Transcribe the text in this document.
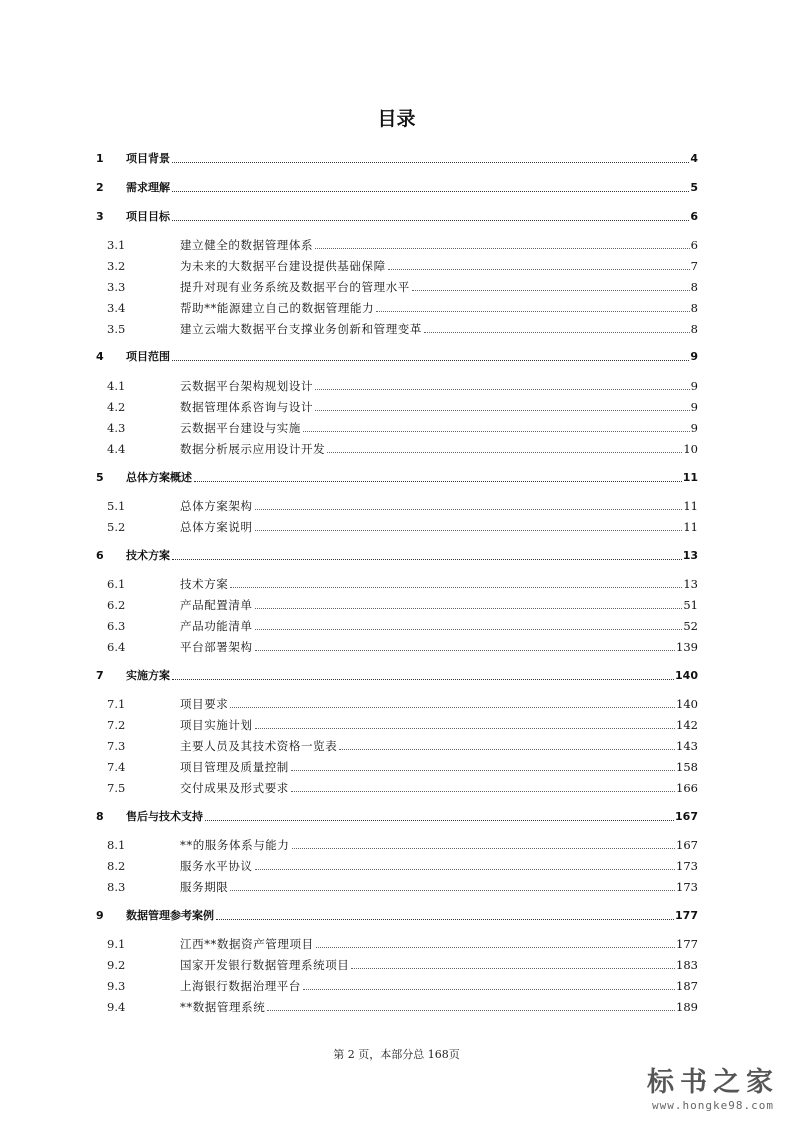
目录
1	项目背景	4
2	需求理解	5
3	项目目标	6
3.1	建立健全的数据管理体系	6
3.2	为未来的大数据平台建设提供基础保障	7
3.3	提升对现有业务系统及数据平台的管理水平	8
3.4	帮助**能源建立自己的数据管理能力	8
3.5	建立云端大数据平台支撑业务创新和管理变革	8
4	项目范围	9
4.1	云数据平台架构规划设计	9
4.2	数据管理体系咨询与设计	9
4.3	云数据平台建设与实施	9
4.4	数据分析展示应用设计开发	10
5	总体方案概述	11
5.1	总体方案架构	11
5.2	总体方案说明	11
6	技术方案	13
6.1	技术方案	13
6.2	产品配置清单	51
6.3	产品功能清单	52
6.4	平台部署架构	139
7	实施方案	140
7.1	项目要求	140
7.2	项目实施计划	142
7.3	主要人员及其技术资格一览表	143
7.4	项目管理及质量控制	158
7.5	交付成果及形式要求	166
8	售后与技术支持	167
8.1	**的服务体系与能力	167
8.2	服务水平协议	173
8.3	服务期限	173
9	数据管理参考案例	177
9.1	江西**数据资产管理项目	177
9.2	国家开发银行数据管理系统项目	183
9.3	上海银行数据治理平台	187
9.4	**数据管理系统	189
第 2 页，本部分总 168页
标书之家
www.hongke98.com
